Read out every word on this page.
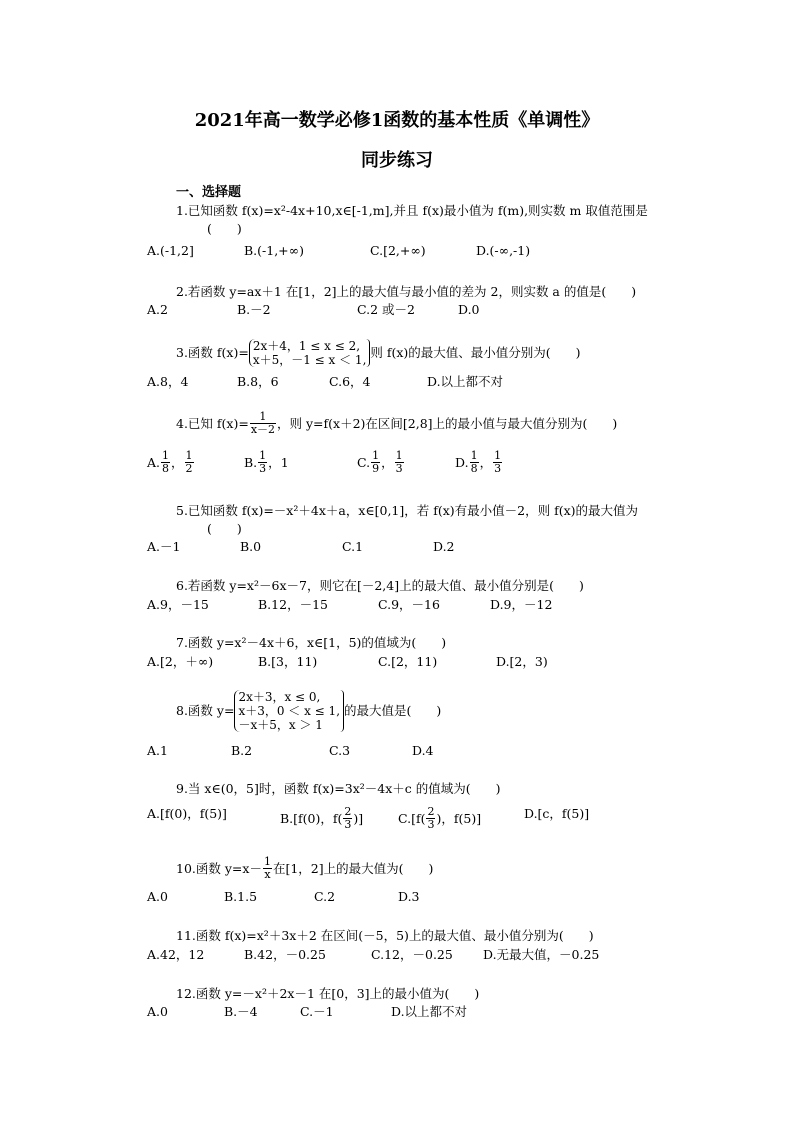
2021年高一数学必修1函数的基本性质《单调性》
同步练习
一、选择题
1.已知函数 f(x)=x²-4x+10,x∈[-1,m],并且 f(x)最小值为 f(m),则实数 m 取值范围是
(　　)
A.(-1,2]	B.(-1,+∞)	C.[2,+∞)	D.(-∞,-1)
2.若函数 y=ax＋1 在[1，2]上的最大值与最小值的差为 2，则实数 a 的值是(　　)
A.2	B.－2	C.2 或－2	D.0
3.函数 f(x)= 2x＋4，1 ≤ x ≤ 2,
x＋5，－1 ≤ x ＜ 1, 则 f(x)的最大值、最小值分别为(　　)
A.8，4	B.8，6	C.6，4	D.以上都不对
4.已知 $f(x)= \frac{1}{x-2}$ ，则 y=f(x＋2)在区间[2,8]上的最小值与最大值分别为(　　)
A. $\frac{1}{8}$ ， $\frac{1}{2}$	B. $\frac{1}{3}$ ，1	C. $\frac{1}{9}$ ， $\frac{1}{3}$	D. $\frac{1}{8}$ ， $\frac{1}{3}$
5.已知函数 f(x)=－x²＋4x＋a，x∈[0,1]，若 f(x)有最小值－2，则 f(x)的最大值为
(　　)
A.－1	B.0	C.1	D.2
6.若函数 y=x²－6x－7，则它在[－2,4]上的最大值、最小值分别是(　　)
A.9，－15	B.12，－15	C.9，－16	D.9，－12
7.函数 y=x²－4x＋6，x∈[1，5)的值域为(　　)
A.[2，＋∞)	B.[3，11)	C.[2，11)	D.[2，3)
8.函数 y=
2x＋3，x ≤ 0,
x＋3，0 ＜ x ≤ 1,
－x＋5，x ＞ 1
的最大值是(　　)
A.1	B.2	C.3	D.4
9.当 x∈(0，5]时，函数 f(x)=3x²－4x＋c 的值域为(　　)
A.[f(0)，f(5)]	B.[f(0)，$f( \frac{2}{3}$ )]	$C.[f( \frac{2}{3}$ )，f(5)]	D.[c，f(5)]
10.函数 $y=x- \frac{1}{x}$ 在[1，2]上的最大值为(　　)
A.0	B.1.5	C.2	D.3
11.函数 f(x)=x²＋3x＋2 在区间(－5，5)上的最大值、最小值分别为(　　)
A.42，12	B.42，－0.25	C.12，－0.25 D.无最大值，－0.25
12.函数 y=－x²＋2x－1 在[0，3]上的最小值为(　　)
A.0	B.－4	C.－1	D.以上都不对
